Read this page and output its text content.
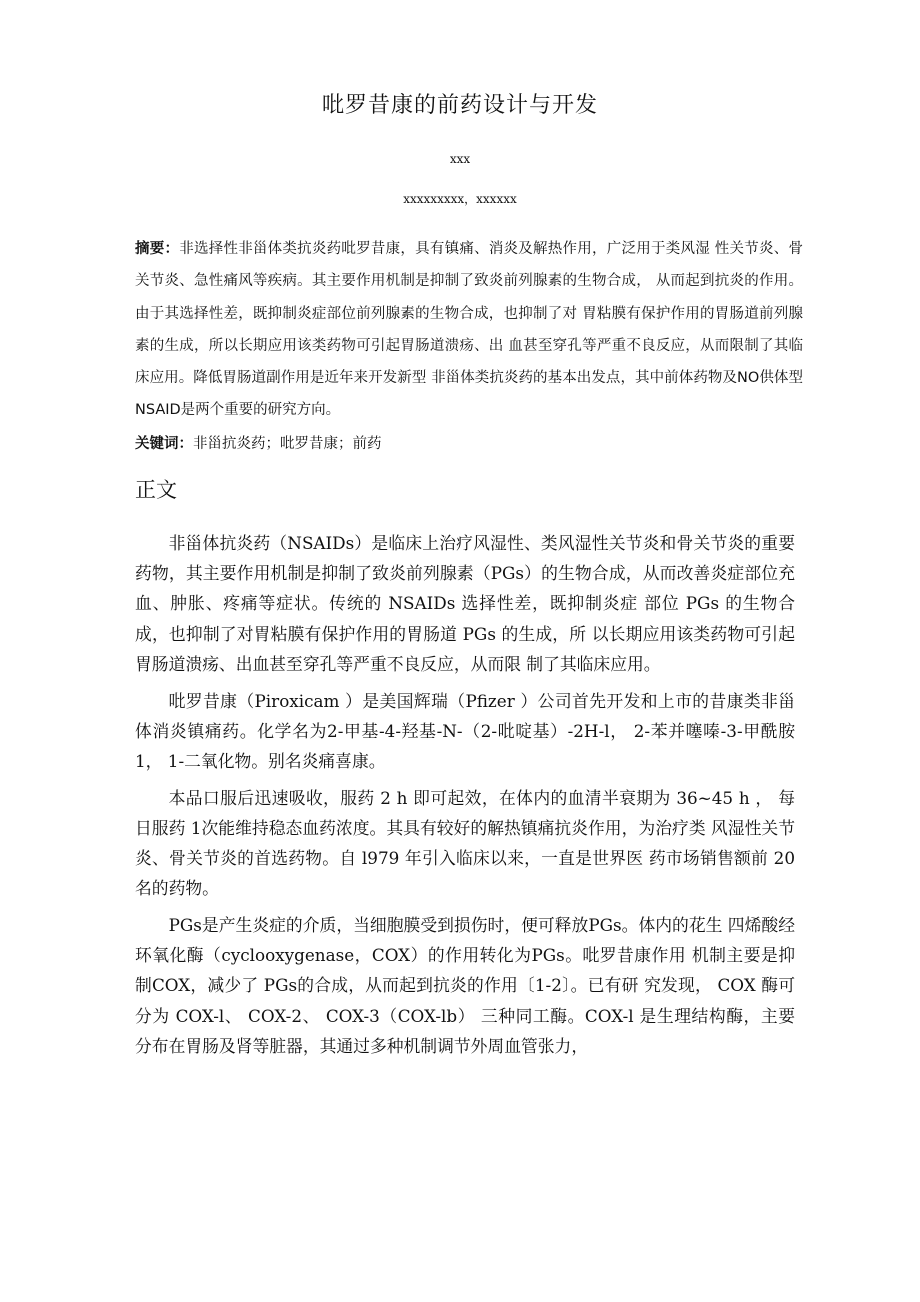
吡罗昔康的前药设计与开发
xxx
xxxxxxxxx，xxxxxx
摘要：非选择性非甾体类抗炎药吡罗昔康，具有镇痛、消炎及解热作用，广泛用于类风湿 性关节炎、骨关节炎、急性痛风等疾病。其主要作用机制是抑制了致炎前列腺素的生物合成， 从而起到抗炎的作用。由于其选择性差，既抑制炎症部位前列腺素的生物合成，也抑制了对 胃粘膜有保护作用的胃肠道前列腺素的生成，所以长期应用该类药物可引起胃肠道溃疡、出 血甚至穿孔等严重不良反应，从而限制了其临床应用。降低胃肠道副作用是近年来开发新型 非甾体类抗炎药的基本出发点，其中前体药物及NO供体型NSAID是两个重要的研究方向。
关键词：非甾抗炎药；吡罗昔康；前药
正文

非甾体抗炎药（NSAIDs）是临床上治疗风湿性、类风湿性关节炎和骨关节炎的重要药物，其主要作用机制是抑制了致炎前列腺素（PGs）的生物合成，从而改善炎症部位充血、肿胀、疼痛等症状。传统的 NSAIDs 选择性差，既抑制炎症 部位 PGs 的生物合成，也抑制了对胃粘膜有保护作用的胃肠道 PGs 的生成，所 以长期应用该类药物可引起胃肠道溃疡、出血甚至穿孔等严重不良反应，从而限 制了其临床应用。

吡罗昔康（Piroxicam ）是美国辉瑞（Pfizer ）公司首先开发和上市的昔康类非甾体消炎镇痛药。化学名为2-甲基-4-羟基-N-（2-吡啶基）-2H-l， 2-苯并噻嗪-3-甲酰胺 1， 1-二氧化物。别名炎痛喜康。

本品口服后迅速吸收，服药 2 h 即可起效，在体内的血清半衰期为 36~45 h ， 每日服药 1次能维持稳态血药浓度。其具有较好的解热镇痛抗炎作用，为治疗类 风湿性关节炎、骨关节炎的首选药物。自 l979 年引入临床以来，一直是世界医 药市场销售额前 20 名的药物。

PGs是产生炎症的介质，当细胞膜受到损伤时，便可释放PGs。体内的花生 四烯酸经环氧化酶（cyclooxygenase，COX）的作用转化为PGs。吡罗昔康作用 机制主要是抑制COX，减少了 PGs的合成，从而起到抗炎的作用〔1-2〕。已有研 究发现， COX 酶可分为 COX-l、 COX-2、 COX-3（COX-lb） 三种同工酶。COX-l 是生理结构酶，主要分布在胃肠及肾等脏器，其通过多种机制调节外周血管张力，
